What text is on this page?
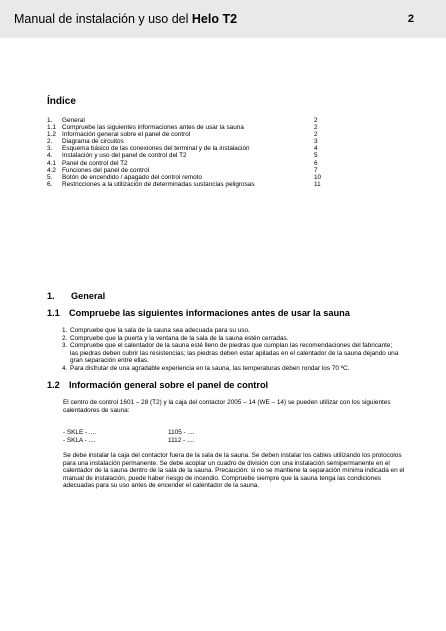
Manual de instalación y uso del Helo T2	2
Índice
1. General	2
1.1 Compruebe las siguientes informaciones antes de usar la sauna	2
1.2 Información general sobre el panel de control	2
2. Diagrama de circuitos	3
3. Esquema básico de las conexiones del terminal y de la instalación	4
4. Instalación y uso del panel de control del T2	5
4.1 Panel de control del T2	6
4.2 Funciones del panel de control	7
5. Botón de encendido / apagado del control remoto	10
6. Restricciones a la utilización de determinadas sustancias peligrosas	11
1. General
1.1 Compruebe las siguientes informaciones antes de usar la sauna
1. Compruebe que la sala de la sauna sea adecuada para su uso.
2. Compruebe que la puerta y la ventana de la sala de la sauna estén cerradas.
3. Compruebe que el calentador de la sauna esté lleno de piedras que cumplan las recomendaciones del fabricante; las piedras deben cubrir las resistencias; las piedras deben estar apiladas en el calentador de la sauna dejando una gran separación entre ellas.
4. Para disfrutar de una agradable experiencia en la sauna, las temperaturas deben rondar los 70 ºC.
1.2 Información general sobre el panel de control
El centro de control 1601 – 28 (T2) y la caja del contactor 2005 – 14 (WE – 14) se pueden utilizar con los siguientes calentadores de sauna:
- SKLE - ....	1105 - ....
- SKLA - ....	1112 - ....
Se debe instalar la caja del contactor fuera de la sala de la sauna. Se deben instalar los cables utilizando los protocolos para una instalación permanente. Se debe acoplar un cuadro de división con una instalación semipermanente en el calentador de la sauna dentro de la sala de la sauna. Precaución: si no se mantiene la separación mínima indicada en el manual de instalación, puede haber riesgo de incendio. Compruebe siempre que la sauna tenga las condiciones adecuadas para su uso antes de encender el calentador de la sauna.
